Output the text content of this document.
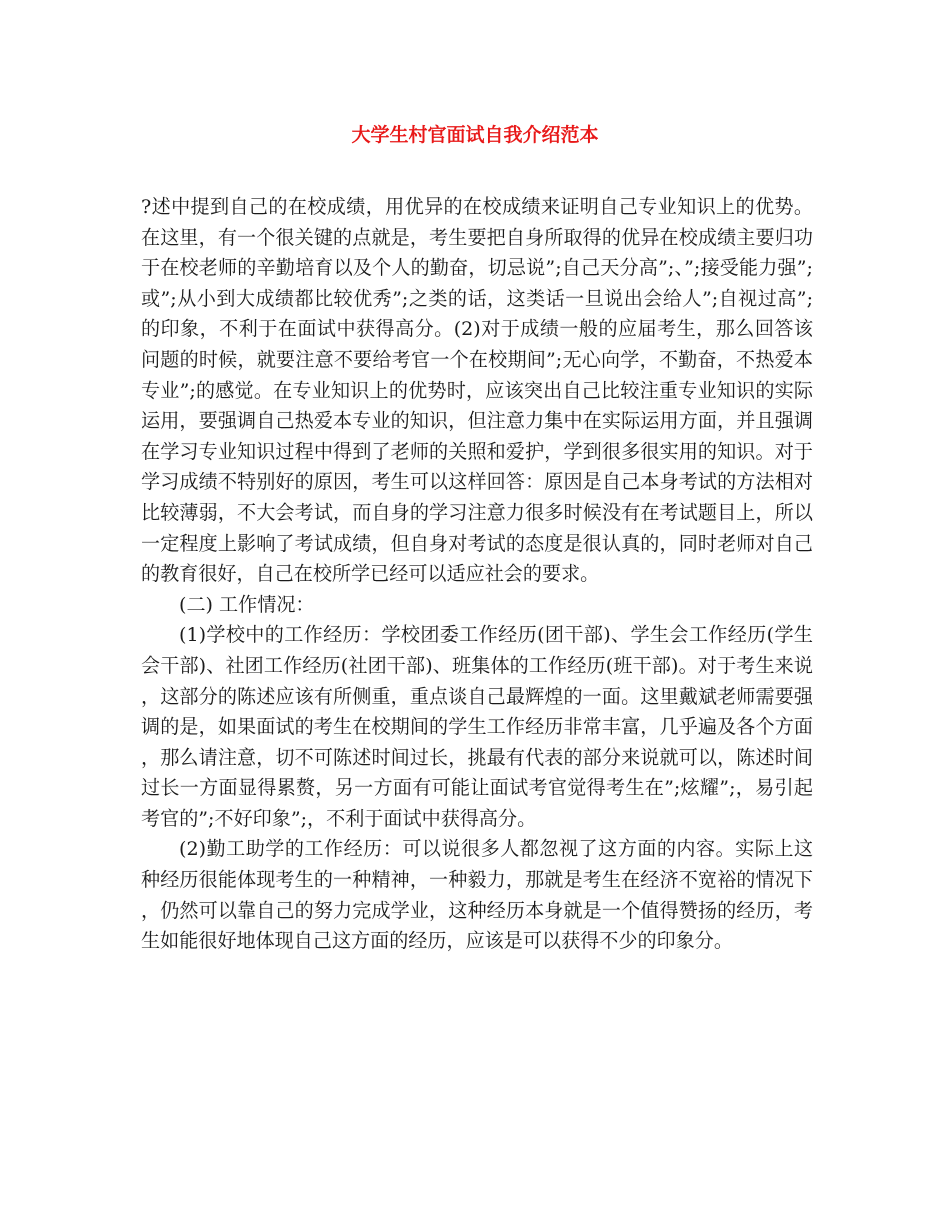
大学生村官面试自我介绍范本

?述中提到自己的在校成绩，用优异的在校成绩来证明自己专业知识上的优势。在这里，有一个很关键的点就是，考生要把自身所取得的优异在校成绩主要归功于在校老师的辛勤培育以及个人的勤奋，切忌说”;自己天分高”;、”;接受能力强”;或”;从小到大成绩都比较优秀”;之类的话，这类话一旦说出会给人”;自视过高”;的印象，不利于在面试中获得高分。(2)对于成绩一般的应届考生，那么回答该问题的时候，就要注意不要给考官一个在校期间”;无心向学，不勤奋，不热爱本专业”;的感觉。在专业知识上的优势时，应该突出自己比较注重专业知识的实际运用，要强调自己热爱本专业的知识，但注意力集中在实际运用方面，并且强调在学习专业知识过程中得到了老师的关照和爱护，学到很多很实用的知识。对于学习成绩不特别好的原因，考生可以这样回答：原因是自己本身考试的方法相对比较薄弱，不大会考试，而自身的学习注意力很多时候没有在考试题目上，所以一定程度上影响了考试成绩，但自身对考试的态度是很认真的，同时老师对自己的教育很好，自己在校所学已经可以适应社会的要求。

(二) 工作情况：

(1)学校中的工作经历：学校团委工作经历(团干部)、学生会工作经历(学生会干部)、社团工作经历(社团干部)、班集体的工作经历(班干部)。对于考生来说，这部分的陈述应该有所侧重，重点谈自己最辉煌的一面。这里戴斌老师需要强调的是，如果面试的考生在校期间的学生工作经历非常丰富，几乎遍及各个方面，那么请注意，切不可陈述时间过长，挑最有代表的部分来说就可以，陈述时间过长一方面显得累赘，另一方面有可能让面试考官觉得考生在”;炫耀”;，易引起考官的”;不好印象”;，不利于面试中获得高分。

(2)勤工助学的工作经历：可以说很多人都忽视了这方面的内容。实际上这种经历很能体现考生的一种精神，一种毅力，那就是考生在经济不宽裕的情况下，仍然可以靠自己的努力完成学业，这种经历本身就是一个值得赞扬的经历，考生如能很好地体现自己这方面的经历，应该是可以获得不少的印象分。
